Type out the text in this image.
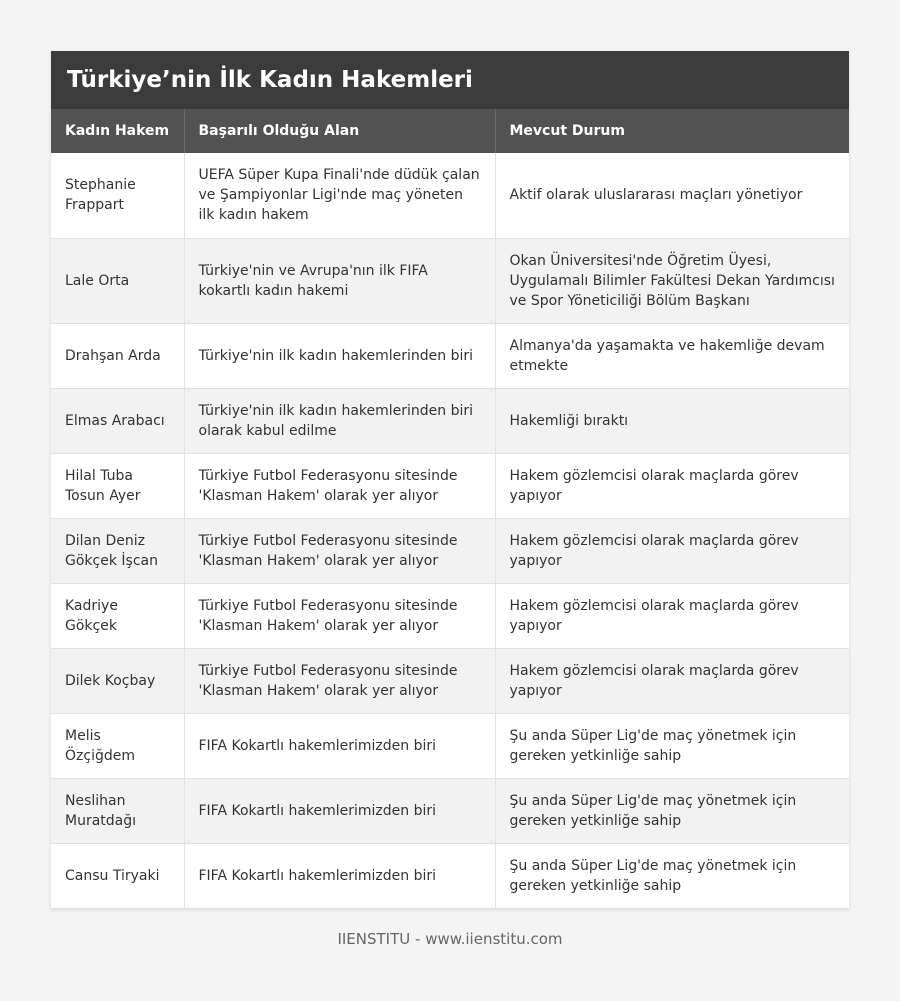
Türkiye’nin İlk Kadın Hakemleri
Kadın Hakem	Başarılı Olduğu Alan	Mevcut Durum
Stephanie Frappart	UEFA Süper Kupa Finali'nde düdük çalan ve Şampiyonlar Ligi'nde maç yöneten ilk kadın hakem	Aktif olarak uluslararası maçları yönetiyor
Lale Orta	Türkiye'nin ve Avrupa'nın ilk FIFA kokartlı kadın hakemi	Okan Üniversitesi'nde Öğretim Üyesi, Uygulamalı Bilimler Fakültesi Dekan Yardımcısı ve Spor Yöneticiliği Bölüm Başkanı
Drahşan Arda	Türkiye'nin ilk kadın hakemlerinden biri	Almanya'da yaşamakta ve hakemliğe devam etmekte
Elmas Arabacı	Türkiye'nin ilk kadın hakemlerinden biri olarak kabul edilme	Hakemliği bıraktı
Hilal Tuba Tosun Ayer	Türkiye Futbol Federasyonu sitesinde 'Klasman Hakem' olarak yer alıyor	Hakem gözlemcisi olarak maçlarda görev yapıyor
Dilan Deniz Gökçek İşcan	Türkiye Futbol Federasyonu sitesinde 'Klasman Hakem' olarak yer alıyor	Hakem gözlemcisi olarak maçlarda görev yapıyor
Kadriye Gökçek	Türkiye Futbol Federasyonu sitesinde 'Klasman Hakem' olarak yer alıyor	Hakem gözlemcisi olarak maçlarda görev yapıyor
Dilek Koçbay	Türkiye Futbol Federasyonu sitesinde 'Klasman Hakem' olarak yer alıyor	Hakem gözlemcisi olarak maçlarda görev yapıyor
Melis Özçiğdem	FIFA Kokartlı hakemlerimizden biri	Şu anda Süper Lig'de maç yönetmek için gereken yetkinliğe sahip
Neslihan Muratdağı	FIFA Kokartlı hakemlerimizden biri	Şu anda Süper Lig'de maç yönetmek için gereken yetkinliğe sahip
Cansu Tiryaki	FIFA Kokartlı hakemlerimizden biri	Şu anda Süper Lig'de maç yönetmek için gereken yetkinliğe sahip
IIENSTITU - www.iienstitu.com
